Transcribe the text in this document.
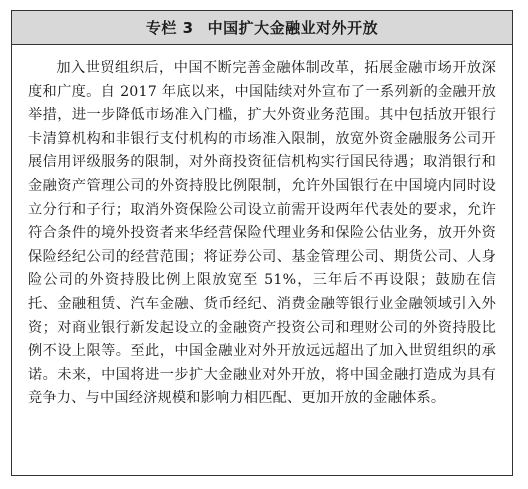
专栏 3 中国扩大金融业对外开放

加入世贸组织后，中国不断完善金融体制改革，拓展金融市场开放深度和广度。自 2017 年底以来，中国陆续对外宣布了一系列新的金融开放举措，进一步降低市场准入门槛，扩大外资业务范围。其中包括放开银行卡清算机构和非银行支付机构的市场准入限制，放宽外资金融服务公司开展信用评级服务的限制，对外商投资征信机构实行国民待遇；取消银行和金融资产管理公司的外资持股比例限制，允许外国银行在中国境内同时设立分行和子行；取消外资保险公司设立前需开设两年代表处的要求，允许符合条件的境外投资者来华经营保险代理业务和保险公估业务，放开外资保险经纪公司的经营范围；将证券公司、基金管理公司、期货公司、人身险公司的外资持股比例上限放宽至 51%，三年后不再设限；鼓励在信托、金融租赁、汽车金融、货币经纪、消费金融等银行业金融领域引入外资；对商业银行新发起设立的金融资产投资公司和理财公司的外资持股比例不设上限等。至此，中国金融业对外开放远远超出了加入世贸组织的承诺。未来，中国将进一步扩大金融业对外开放，将中国金融打造成为具有竞争力、与中国经济规模和影响力相匹配、更加开放的金融体系。
